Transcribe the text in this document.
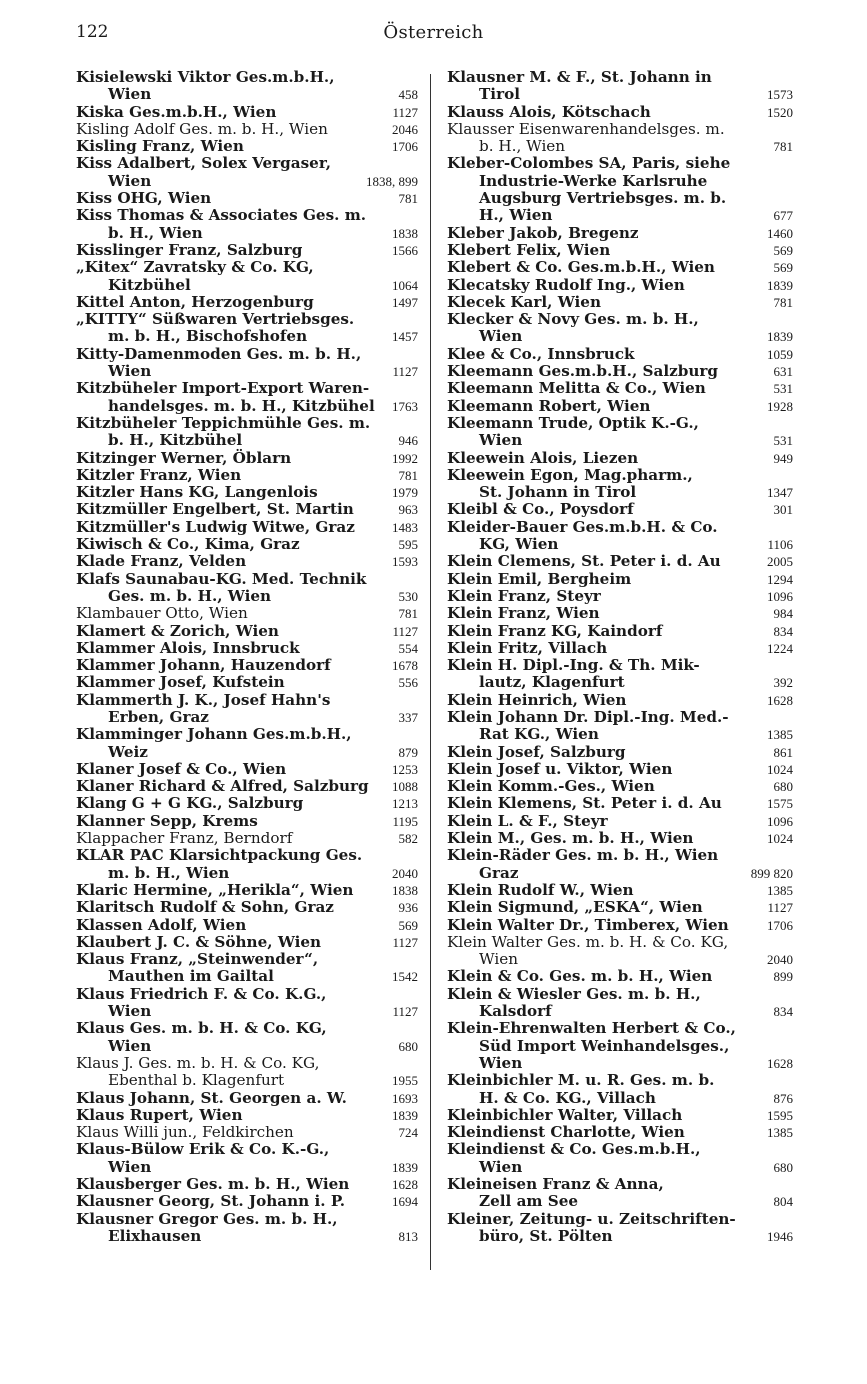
122	Österreich
Kisielewski Viktor Ges.m.b.H.,
Wien	458
Kiska Ges.m.b.H., Wien	1127
Kisling Adolf Ges. m. b. H., Wien	2046
Kisling Franz, Wien	1706
Kiss Adalbert, Solex Vergaser,
Wien	1838, 899
Kiss OHG, Wien	781
Kiss Thomas & Associates Ges. m.
b. H., Wien	1838
Kisslinger Franz, Salzburg	1566
„Kitex“ Zavratsky & Co. KG,
Kitzbühel	1064
Kittel Anton, Herzogenburg	1497
„KITTY“ Süßwaren Vertriebsges.
m. b. H., Bischofshofen	1457
Kitty-Damenmoden Ges. m. b. H.,
Wien	1127
Kitzbüheler Import-Export Waren-
handelsges. m. b. H., Kitzbühel	1763
Kitzbüheler Teppichmühle Ges. m.
b. H., Kitzbühel	946
Kitzinger Werner, Öblarn	1992
Kitzler Franz, Wien	781
Kitzler Hans KG, Langenlois	1979
Kitzmüller Engelbert, St. Martin	963
Kitzmüller's Ludwig Witwe, Graz	1483
Kiwisch & Co., Kima, Graz	595
Klade Franz, Velden	1593
Klafs Saunabau-KG. Med. Technik
Ges. m. b. H., Wien	530
Klambauer Otto, Wien	781
Klamert & Zorich, Wien	1127
Klammer Alois, Innsbruck	554
Klammer Johann, Hauzendorf	1678
Klammer Josef, Kufstein	556
Klammerth J. K., Josef Hahn's
Erben, Graz	337
Klamminger Johann Ges.m.b.H.,
Weiz	879
Klaner Josef & Co., Wien	1253
Klaner Richard & Alfred, Salzburg	1088
Klang G + G KG., Salzburg	1213
Klanner Sepp, Krems	1195
Klappacher Franz, Berndorf	582
KLAR PAC Klarsichtpackung Ges.
m. b. H., Wien	2040
Klaric Hermine, „Herikla“, Wien	1838
Klaritsch Rudolf & Sohn, Graz	936
Klassen Adolf, Wien	569
Klaubert J. C. & Söhne, Wien	1127
Klaus Franz, „Steinwender“,
Mauthen im Gailtal	1542
Klaus Friedrich F. & Co. K.G.,
Wien	1127
Klaus Ges. m. b. H. & Co. KG,
Wien	680
Klaus J. Ges. m. b. H. & Co. KG,
Ebenthal b. Klagenfurt	1955
Klaus Johann, St. Georgen a. W.	1693
Klaus Rupert, Wien	1839
Klaus Willi jun., Feldkirchen	724
Klaus-Bülow Erik & Co. K.-G.,
Wien	1839
Klausberger Ges. m. b. H., Wien	1628
Klausner Georg, St. Johann i. P.	1694
Klausner Gregor Ges. m. b. H.,
Elixhausen	813
Klausner M. & F., St. Johann in
Tirol	1573
Klauss Alois, Kötschach	1520
Klausser Eisenwarenhandelsges. m.
b. H., Wien	781
Kleber-Colombes SA, Paris, siehe
Industrie-Werke Karlsruhe
Augsburg Vertriebsges. m. b.
H., Wien	677
Kleber Jakob, Bregenz	1460
Klebert Felix, Wien	569
Klebert & Co. Ges.m.b.H., Wien	569
Klecatsky Rudolf Ing., Wien	1839
Klecek Karl, Wien	781
Klecker & Novy Ges. m. b. H.,
Wien	1839
Klee & Co., Innsbruck	1059
Kleemann Ges.m.b.H., Salzburg	631
Kleemann Melitta & Co., Wien	531
Kleemann Robert, Wien	1928
Kleemann Trude, Optik K.-G.,
Wien	531
Kleewein Alois, Liezen	949
Kleewein Egon, Mag.pharm.,
St. Johann in Tirol	1347
Kleibl & Co., Poysdorf	301
Kleider-Bauer Ges.m.b.H. & Co.
KG, Wien	1106
Klein Clemens, St. Peter i. d. Au	2005
Klein Emil, Bergheim	1294
Klein Franz, Steyr	1096
Klein Franz, Wien	984
Klein Franz KG, Kaindorf	834
Klein Fritz, Villach	1224
Klein H. Dipl.-Ing. & Th. Mik-
lautz, Klagenfurt	392
Klein Heinrich, Wien	1628
Klein Johann Dr. Dipl.-Ing. Med.-
Rat KG., Wien	1385
Klein Josef, Salzburg	861
Klein Josef u. Viktor, Wien	1024
Klein Komm.-Ges., Wien	680
Klein Klemens, St. Peter i. d. Au	1575
Klein L. & F., Steyr	1096
Klein M., Ges. m. b. H., Wien	1024
Klein-Räder Ges. m. b. H., Wien
Graz	899 820
Klein Rudolf W., Wien	1385
Klein Sigmund, „ESKA“, Wien	1127
Klein Walter Dr., Timberex, Wien	1706
Klein Walter Ges. m. b. H. & Co. KG,
Wien	2040
Klein & Co. Ges. m. b. H., Wien	899
Klein & Wiesler Ges. m. b. H.,
Kalsdorf	834
Klein-Ehrenwalten Herbert & Co.,
Süd Import Weinhandelsges.,
Wien	1628
Kleinbichler M. u. R. Ges. m. b.
H. & Co. KG., Villach	876
Kleinbichler Walter, Villach	1595
Kleindienst Charlotte, Wien	1385
Kleindienst & Co. Ges.m.b.H.,
Wien	680
Kleineisen Franz & Anna,
Zell am See	804
Kleiner, Zeitung- u. Zeitschriften-
büro, St. Pölten	1946
